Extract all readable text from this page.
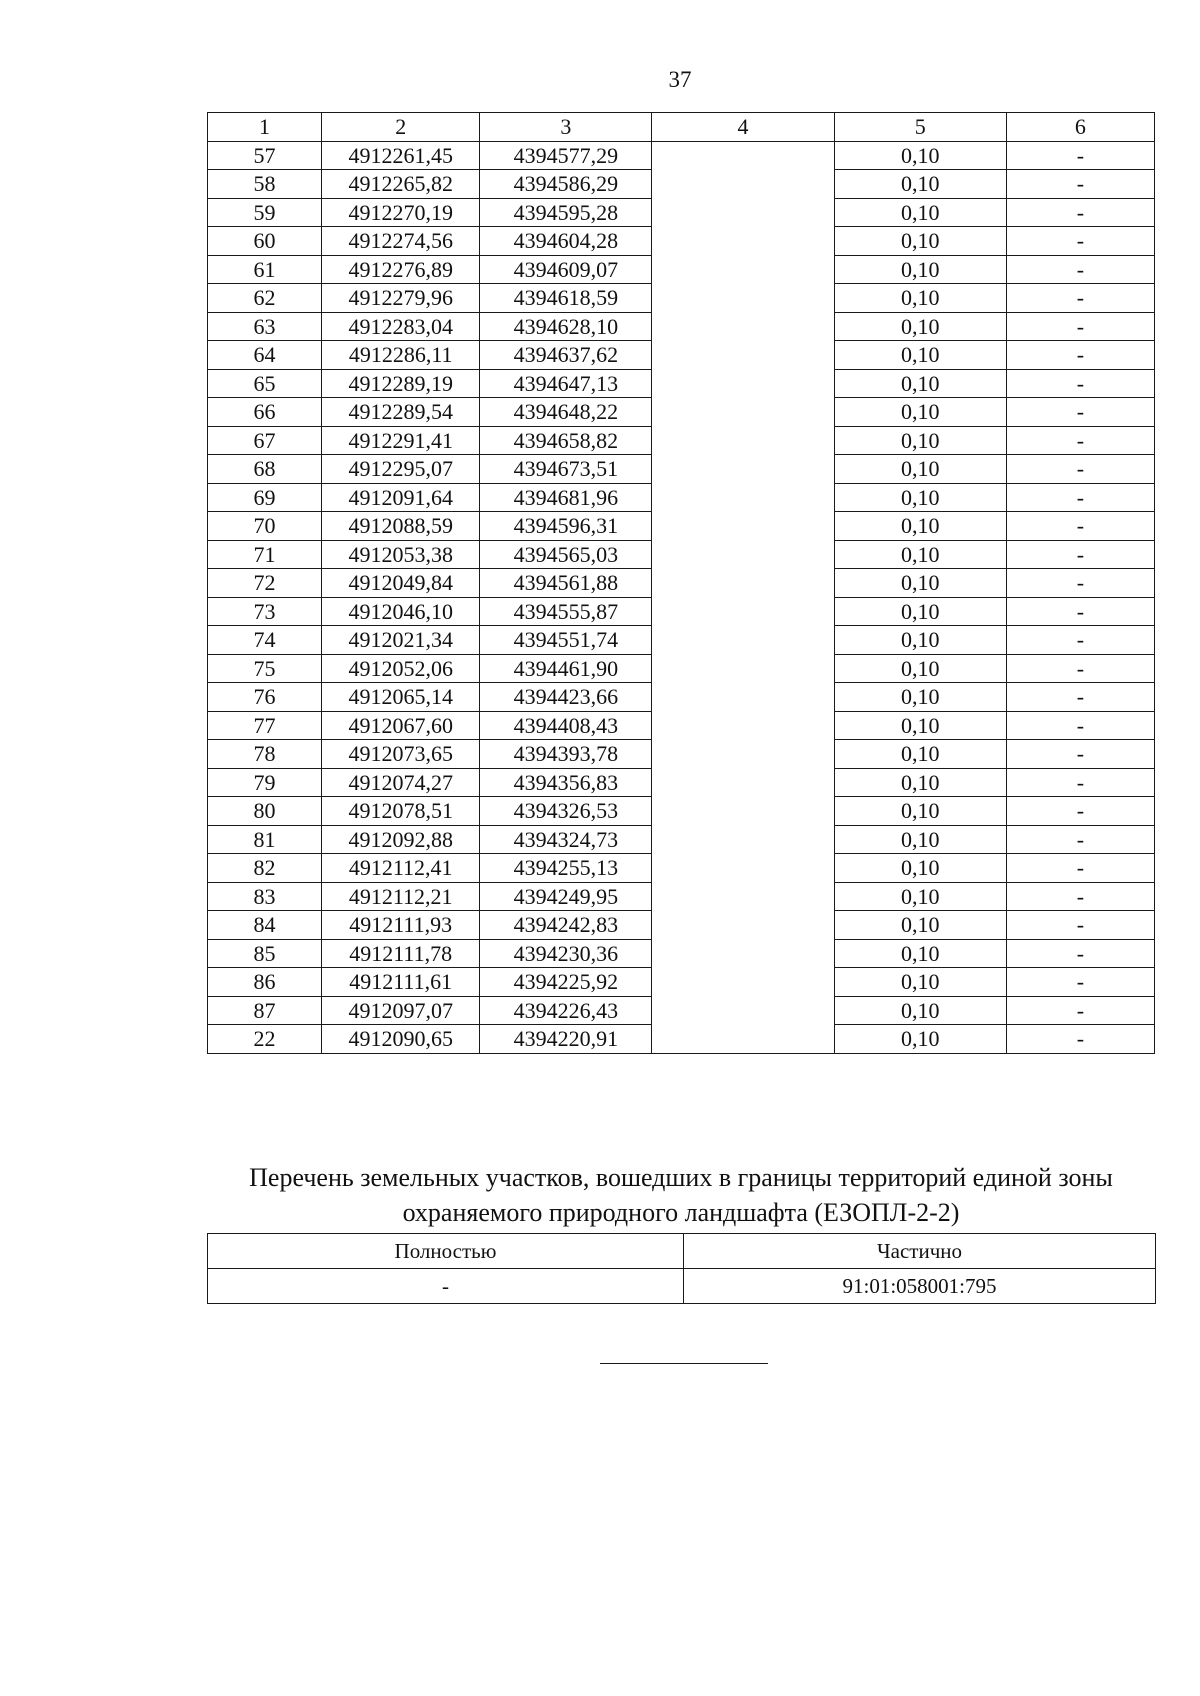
37
1	2	3	4	5	6
57	4912261,45	4394577,29		0,10	-
58	4912265,82	4394586,29		0,10	-
59	4912270,19	4394595,28		0,10	-
60	4912274,56	4394604,28		0,10	-
61	4912276,89	4394609,07		0,10	-
62	4912279,96	4394618,59		0,10	-
63	4912283,04	4394628,10		0,10	-
64	4912286,11	4394637,62		0,10	-
65	4912289,19	4394647,13		0,10	-
66	4912289,54	4394648,22		0,10	-
67	4912291,41	4394658,82		0,10	-
68	4912295,07	4394673,51		0,10	-
69	4912091,64	4394681,96		0,10	-
70	4912088,59	4394596,31		0,10	-
71	4912053,38	4394565,03		0,10	-
72	4912049,84	4394561,88		0,10	-
73	4912046,10	4394555,87		0,10	-
74	4912021,34	4394551,74		0,10	-
75	4912052,06	4394461,90		0,10	-
76	4912065,14	4394423,66		0,10	-
77	4912067,60	4394408,43		0,10	-
78	4912073,65	4394393,78		0,10	-
79	4912074,27	4394356,83		0,10	-
80	4912078,51	4394326,53		0,10	-
81	4912092,88	4394324,73		0,10	-
82	4912112,41	4394255,13		0,10	-
83	4912112,21	4394249,95		0,10	-
84	4912111,93	4394242,83		0,10	-
85	4912111,78	4394230,36		0,10	-
86	4912111,61	4394225,92		0,10	-
87	4912097,07	4394226,43		0,10	-
22	4912090,65	4394220,91		0,10	-
Перечень земельных участков, вошедших в границы территорий единой зоны
охраняемого природного ландшафта (ЕЗОПЛ-2-2)
Полностью	Частично
-	91:01:058001:795
